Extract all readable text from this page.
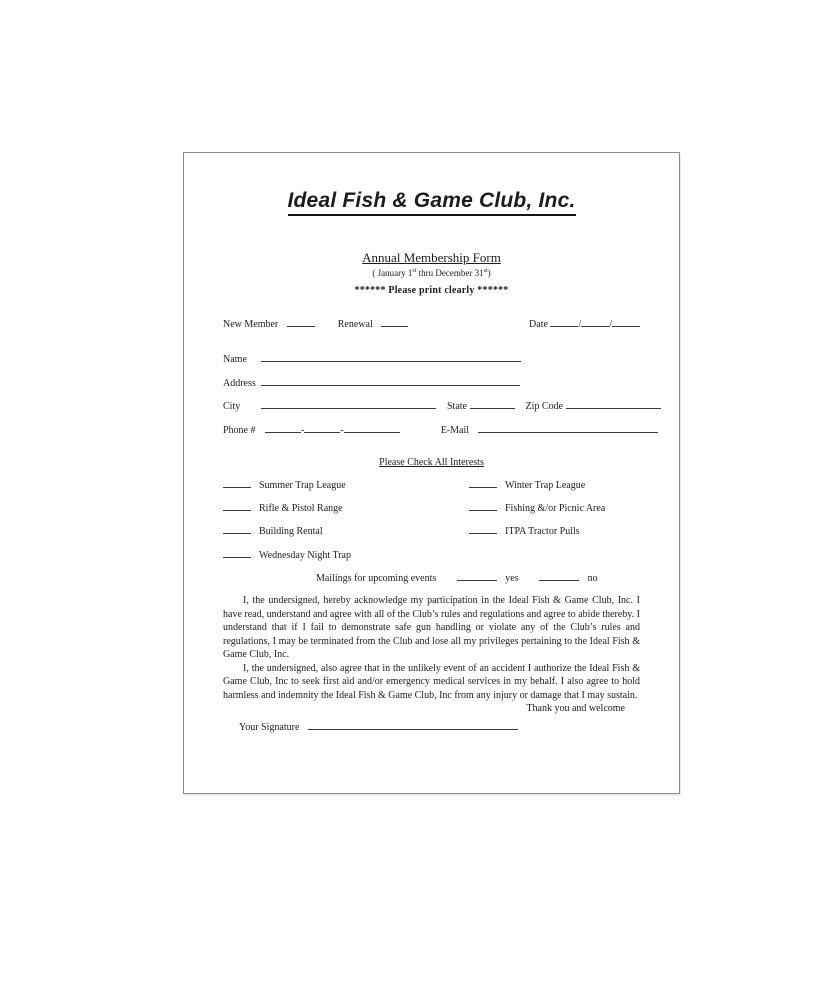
Ideal Fish & Game Club, Inc.
Annual Membership Form
( January 1st thru December 31st)
****** Please print clearly ******
New Member	Renewal	Date	/	/
Name
Address
City	State	Zip Code
Phone #	-	-	E-Mail
Please Check All Interests
Summer Trap League	Winter Trap League
Rifle & Pistol Range	Fishing &/or Picnic Area
Building Rental	ITPA Tractor Pulls
Wednesday Night Trap
Mailings for upcoming events	yes	no
I, the undersigned, hereby acknowledge my participation in the Ideal Fish & Game Club, Inc. I have read, understand and agree with all of the Club’s rules and regulations and agree to abide thereby. I understand that if I fail to demonstrate safe gun handling or violate any of the Club’s rules and regulations, I may be terminated from the Club and lose all my privileges pertaining to the Ideal Fish & Game Club, Inc.
I, the undersigned, also agree that in the unlikely event of an accident I authorize the Ideal Fish & Game Club, Inc to seek first aid and/or emergency medical services in my behalf. I also agree to hold harmless and indemnity the Ideal Fish & Game Club, Inc from any injury or damage that I may sustain.
Thank you and welcome
Your Signature
